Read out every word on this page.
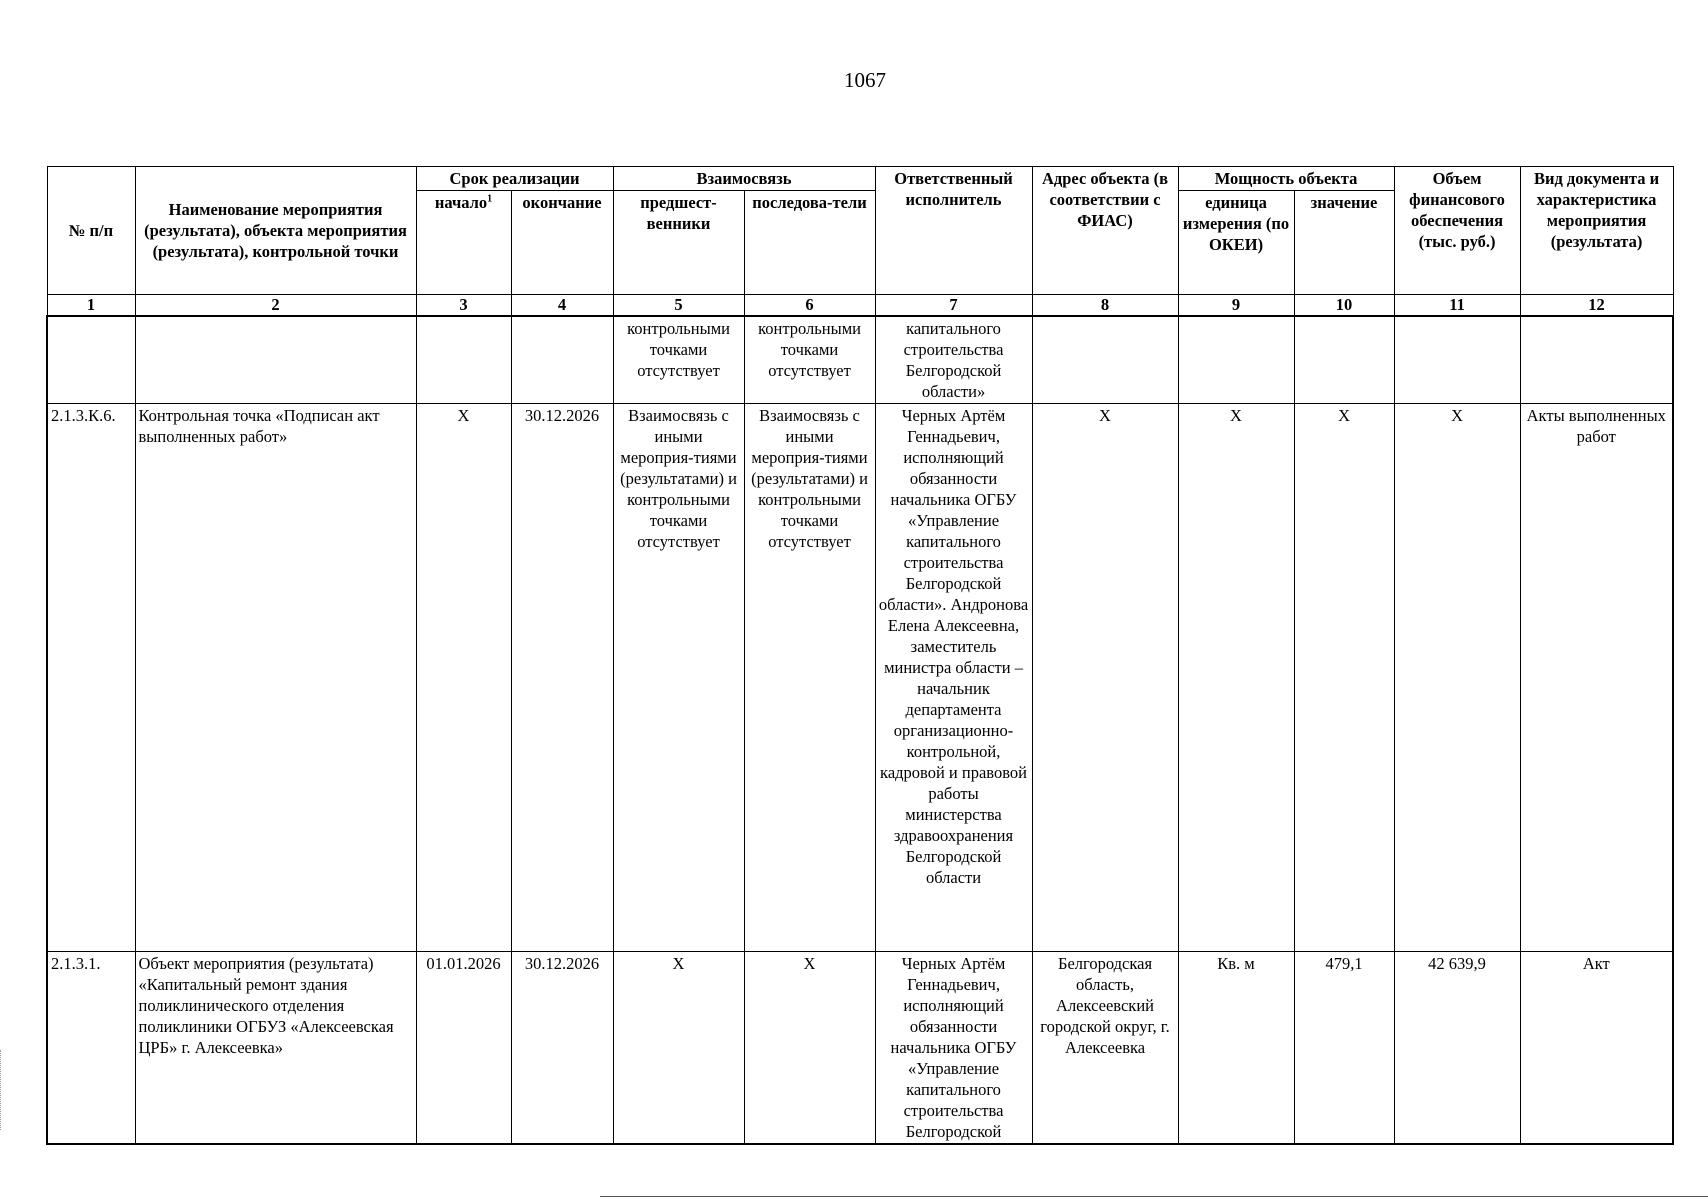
1067
№ п/п	Наименование мероприятия (результата), объекта мероприятия (результата), контрольной точки	Срок реализации		Взаимосвязь		Ответственный исполнитель	Адрес объекта (в соответствии с ФИАС)	Мощность объекта		Объем финансового обеспечения (тыс. руб.)	Вид документа и характеристика мероприятия (результата)
		начало$^1$	окончание	предшест-венники	последова-тели			единица измерения (по ОКЕИ)	значение		
1	2	3	4	5	6	7	8	9	10	11	12
				контрольными точками отсутствует	контрольными точками отсутствует	капитального строительства Белгородской области»					
2.1.3.К.6.	Контрольная точка «Подписан акт выполненных работ»	X	30.12.2026	Взаимосвязь с иными мероприя-тиями (результатами) и контрольными точками отсутствует	Взаимосвязь с иными мероприя-тиями (результатами) и контрольными точками отсутствует	Черных Артём Геннадьевич, исполняющий обязанности начальника ОГБУ «Управление капитального строительства Белгородской области». Андронова Елена Алексеевна, заместитель министра области – начальник департамента организационно-контрольной, кадровой и правовой работы министерства здравоохранения Белгородской области	X	X	X	X	Акты выполненных работ
2.1.3.1.	Объект мероприятия (результата) «Капитальный ремонт здания поликлинического отделения поликлиники ОГБУЗ «Алексеевская ЦРБ» г. Алексеевка»	01.01.2026	30.12.2026	X	X	Черных Артём Геннадьевич, исполняющий обязанности начальника ОГБУ «Управление капитального строительства Белгородской	Белгородская область, Алексеевский городской округ, г. Алексеевка	Кв. м	479,1	42 639,9	Акт
